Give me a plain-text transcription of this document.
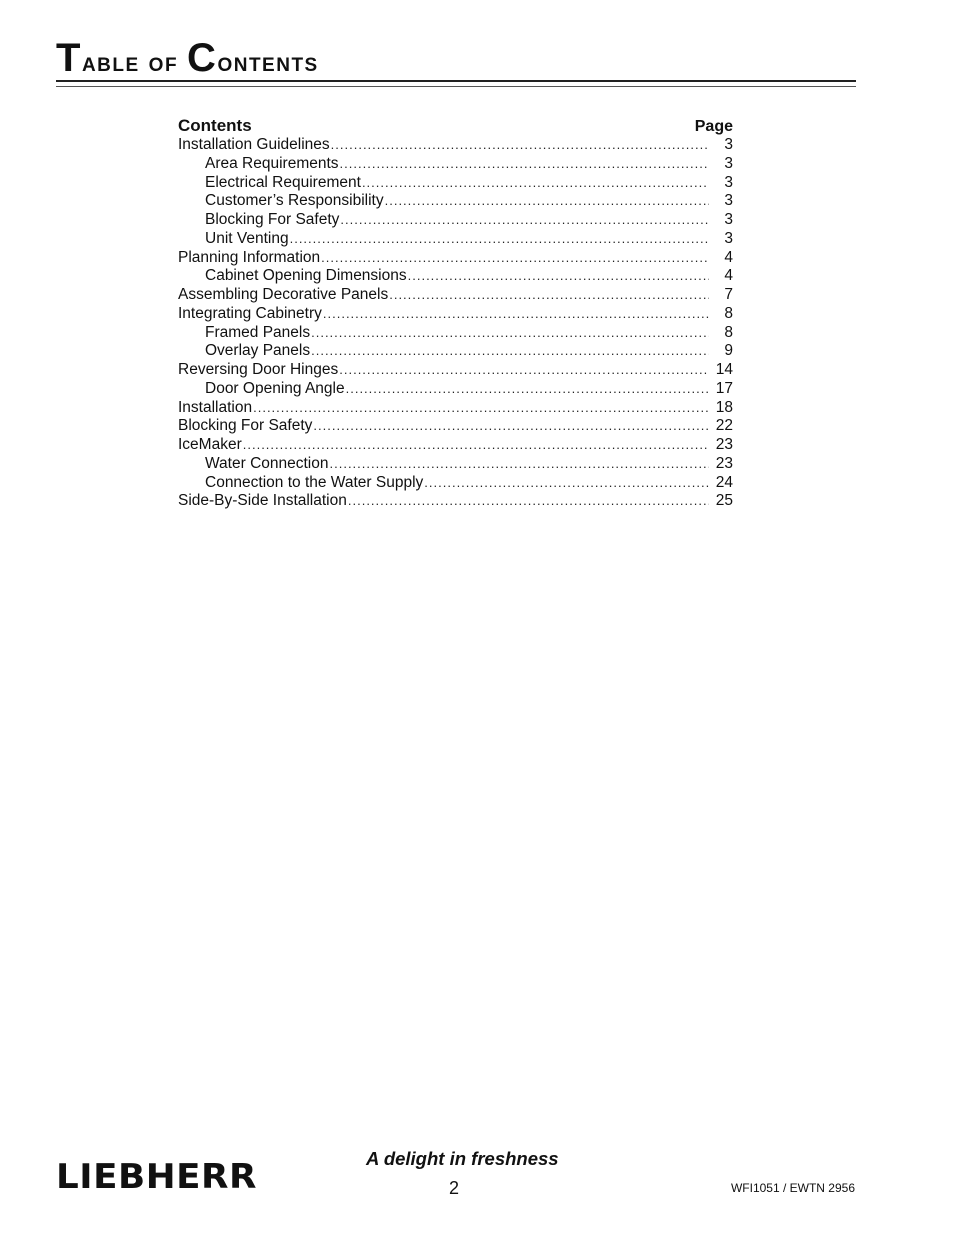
Table of Contents
Contents	Page
Installation Guidelines .....	3
Area Requirements .....	3
Electrical Requirement .....	3
Customer’s Responsibility .....	3
Blocking For Safety .....	3
Unit Venting .....	3
Planning Information .....	4
Cabinet Opening Dimensions .....	4
Assembling Decorative Panels .....	7
Integrating Cabinetry .....	8
Framed Panels .....	8
Overlay Panels .....	9
Reversing Door Hinges .....	14
Door Opening Angle .....	17
Installation .....	18
Blocking For Safety .....	22
IceMaker .....	23
Water Connection .....	23
Connection to the Water Supply .....	24
Side-By-Side Installation .....	25
LIEBHERR	A delight in freshness
2	WFI1051 / EWTN 2956
